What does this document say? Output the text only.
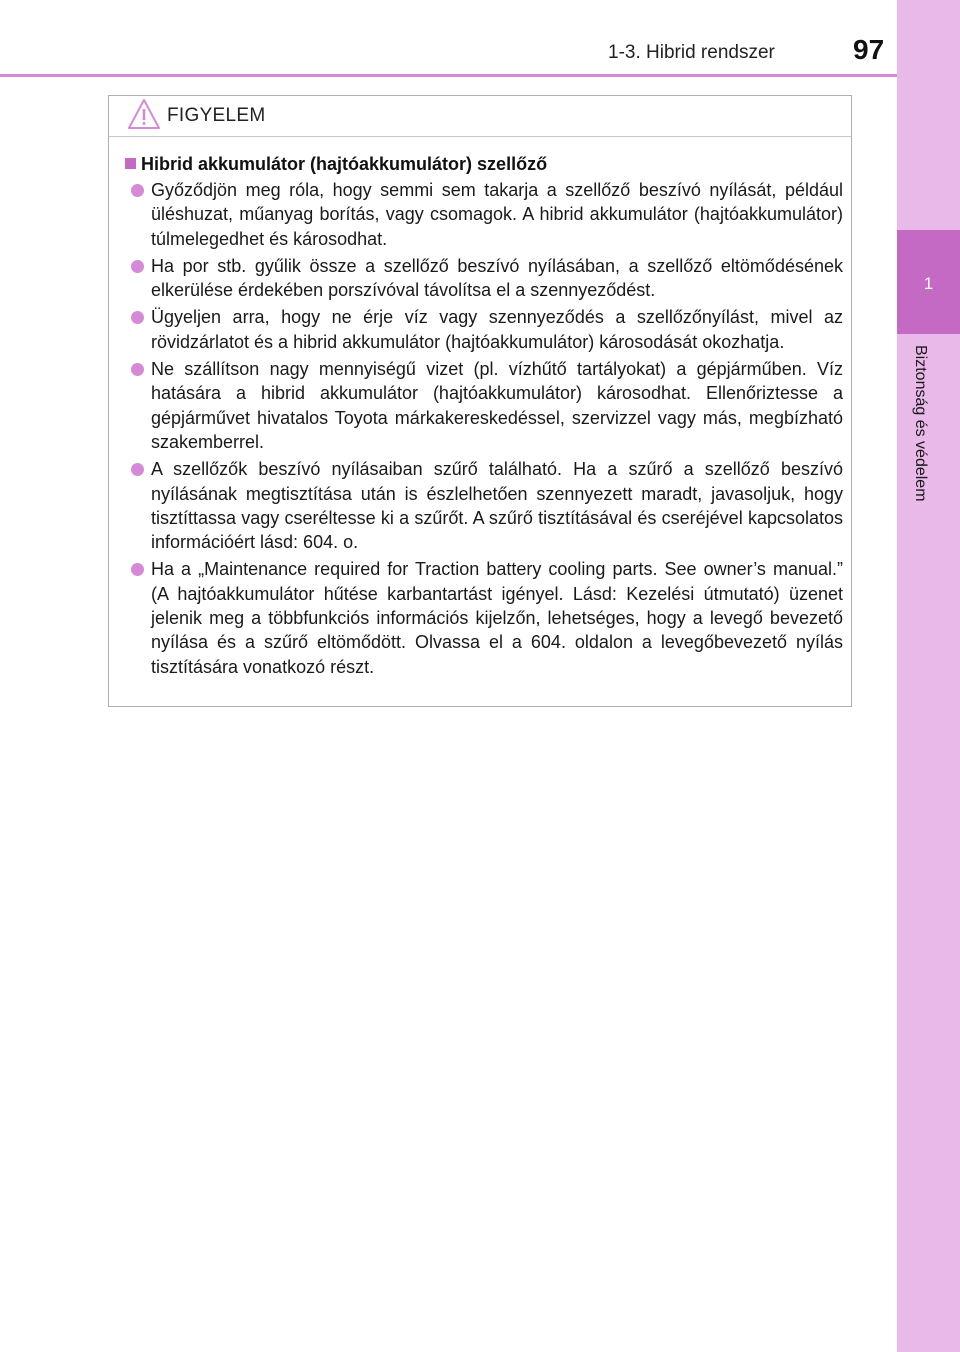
1-3. Hibrid rendszer	97
1
Biztonság és védelem
FIGYELEM
Hibrid akkumulátor (hajtóakkumulátor) szellőző
Győződjön meg róla, hogy semmi sem takarja a szellőző beszívó nyílását, például üléshuzat, műanyag borítás, vagy csomagok. A hibrid akkumulátor (hajtóakkumulátor) túlmelegedhet és károsodhat.
Ha por stb. gyűlik össze a szellőző beszívó nyílásában, a szellőző eltömődésének elkerülése érdekében porszívóval távolítsa el a szennyeződést.
Ügyeljen arra, hogy ne érje víz vagy szennyeződés a szellőzőnyílást, mivel az rövidzárlatot és a hibrid akkumulátor (hajtóakkumulátor) károsodását okozhatja.
Ne szállítson nagy mennyiségű vizet (pl. vízhűtő tartályokat) a gépjárműben. Víz hatására a hibrid akkumulátor (hajtóakkumulátor) károsodhat. Ellenőriztesse a gépjárművet hivatalos Toyota márkakereskedéssel, szervizzel vagy más, megbízható szakemberrel.
A szellőzők beszívó nyílásaiban szűrő található. Ha a szűrő a szellőző beszívó nyílásának megtisztítása után is észlelhetően szennyezett maradt, javasoljuk, hogy tisztíttassa vagy cseréltesse ki a szűrőt. A szűrő tisztításával és cseréjével kapcsolatos információért lásd: 604. o.
Ha a „Maintenance required for Traction battery cooling parts. See owner’s manual.” (A hajtóakkumulátor hűtése karbantartást igényel. Lásd: Kezelési útmutató) üzenet jelenik meg a többfunkciós információs kijelzőn, lehetséges, hogy a levegő bevezető nyílása és a szűrő eltömődött. Olvassa el a 604. oldalon a levegőbevezető nyílás tisztítására vonatkozó részt.
